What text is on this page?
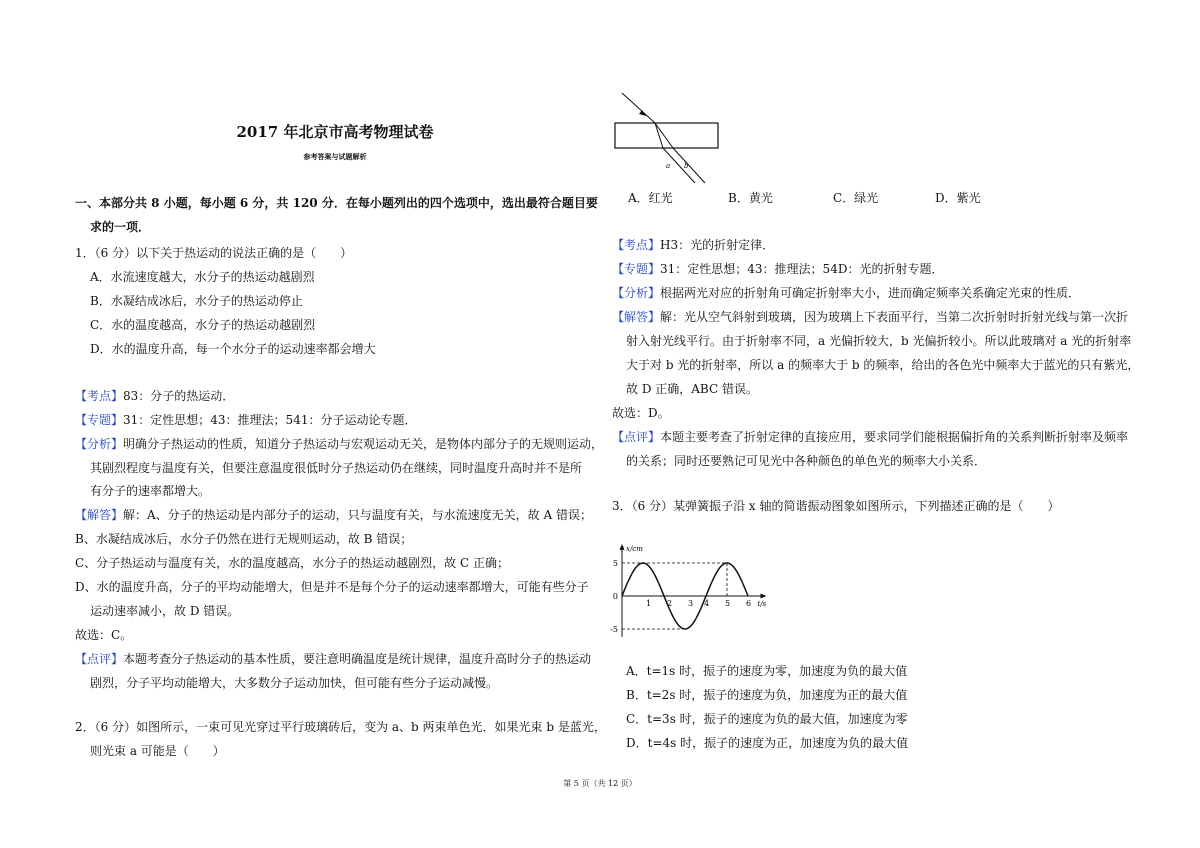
2017 年北京市高考物理试卷
参考答案与试题解析
一、本部分共 8 小题，每小题 6 分，共 120 分．在每小题列出的四个选项中，选出最符合题目要
求的一项．
1．（6 分）以下关于热运动的说法正确的是（　　）
A．水流速度越大，水分子的热运动越剧烈
B．水凝结成冰后，水分子的热运动停止
C．水的温度越高，水分子的热运动越剧烈
D．水的温度升高，每一个水分子的运动速率都会增大
【考点】83：分子的热运动．
【专题】31：定性思想；43：推理法；541：分子运动论专题．
【分析】明确分子热运动的性质，知道分子热运动与宏观运动无关，是物体内部分子的无规则运动，
其剧烈程度与温度有关，但要注意温度很低时分子热运动仍在继续，同时温度升高时并不是所
有分子的速率都增大。
【解答】解：A、分子的热运动是内部分子的运动，只与温度有关，与水流速度无关，故 A 错误；
B、水凝结成冰后，水分子仍然在进行无规则运动，故 B 错误；
C、分子热运动与温度有关，水的温度越高，水分子的热运动越剧烈，故 C 正确；
D、水的温度升高，分子的平均动能增大，但是并不是每个分子的运动速率都增大，可能有些分子
运动速率减小，故 D 错误。
故选：C。
【点评】本题考查分子热运动的基本性质，要注意明确温度是统计规律，温度升高时分子的热运动
剧烈，分子平均动能增大，大多数分子运动加快，但可能有些分子运动减慢。
2．（6 分）如图所示，一束可见光穿过平行玻璃砖后，变为 a、b 两束单色光．如果光束 b 是蓝光，
则光束 a 可能是（　　）
a b
A．红光	B．黄光	C．绿光	D．紫光
【考点】H3：光的折射定律．
【专题】31：定性思想；43：推理法；54D：光的折射专题．
【分析】根据两光对应的折射角可确定折射率大小，进而确定频率关系确定光束的性质．
【解答】解：光从空气斜射到玻璃，因为玻璃上下表面平行，当第二次折射时折射光线与第一次折
射入射光线平行。由于折射率不同，a 光偏折较大，b 光偏折较小。所以此玻璃对 a 光的折射率
大于对 b 光的折射率，所以 a 的频率大于 b 的频率，给出的各色光中频率大于蓝光的只有紫光，
故 D 正确，ABC 错误。
故选：D。
【点评】本题主要考查了折射定律的直接应用，要求同学们能根据偏折角的关系判断折射率及频率
的关系；同时还要熟记可见光中各种颜色的单色光的频率大小关系．
3．（6 分）某弹簧振子沿 x 轴的简谐振动图象如图所示，下列描述正确的是（　　）
1 2 3 4 5 6
5
0
-5
t/s
x/cm
A．t=1s 时，振子的速度为零，加速度为负的最大值
B．t=2s 时，振子的速度为负，加速度为正的最大值
C．t=3s 时，振子的速度为负的最大值，加速度为零
D．t=4s 时，振子的速度为正，加速度为负的最大值
第 5 页（共 12 页）
